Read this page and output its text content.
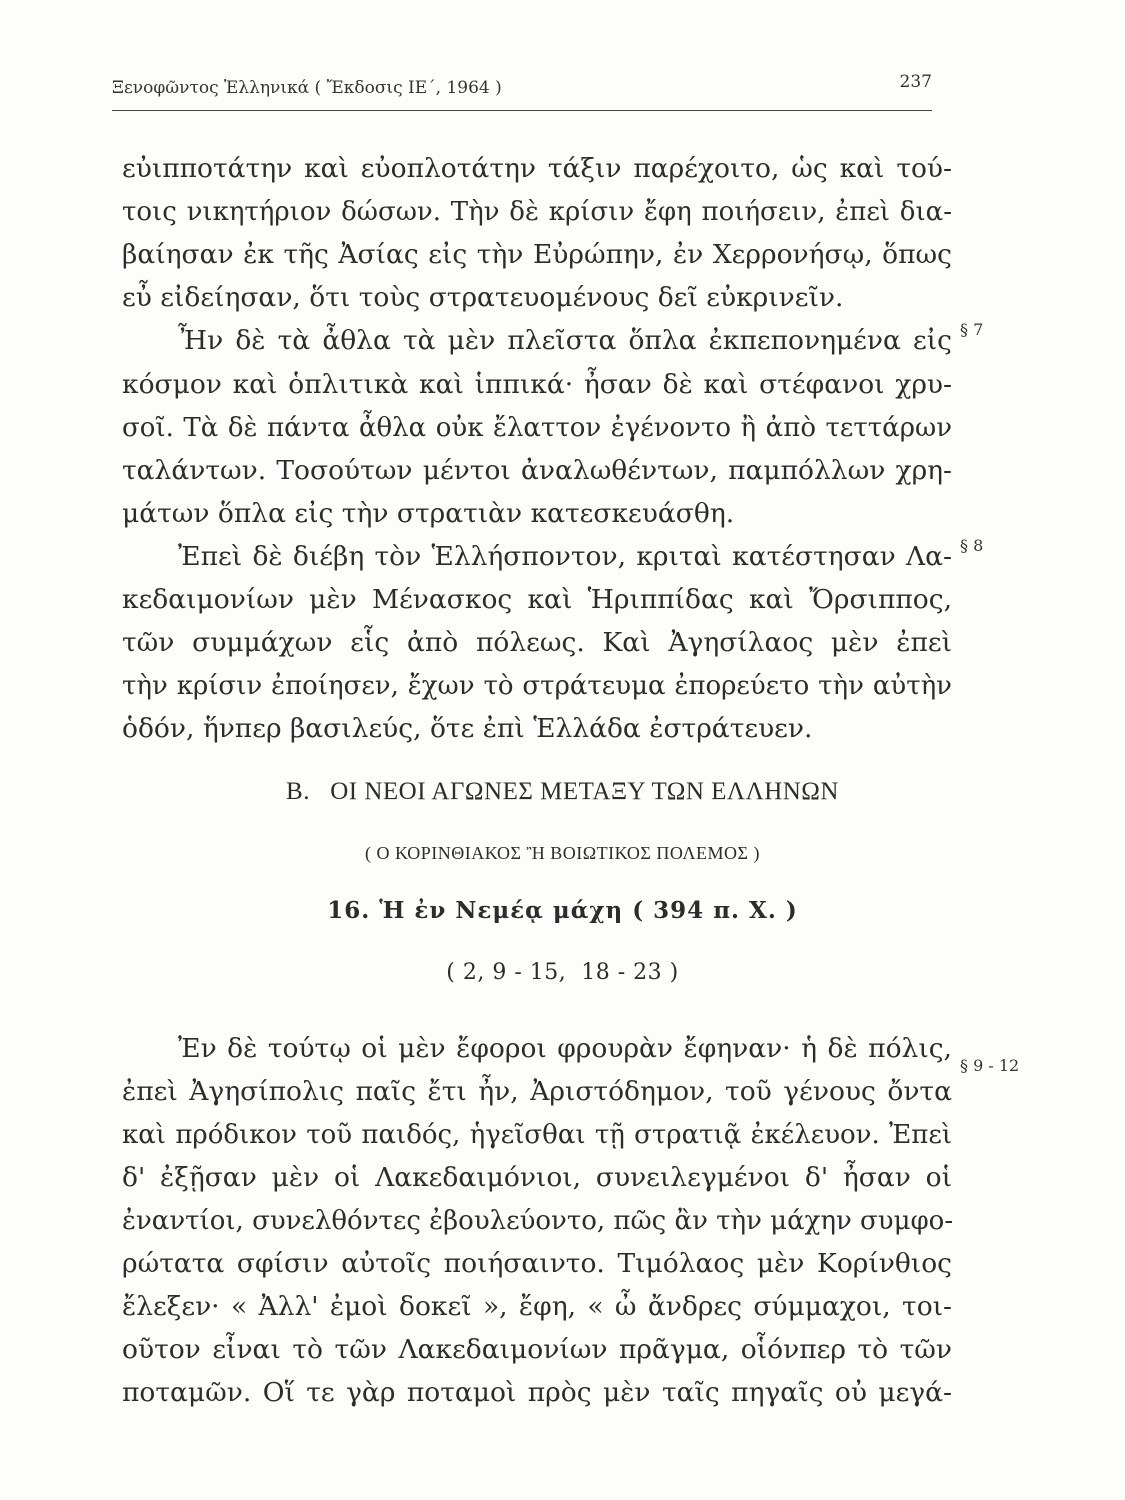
Ξενοφῶντος Ἑλληνικά ( Ἔκδοσις ΙΕ΄, 1964 )	237
εὐιπποτάτην καὶ εὐοπλοτάτην τάξιν παρέχοιτο, ὡς καὶ τού-
τοις νικητήριον δώσων. Τὴν δὲ κρίσιν ἔφη ποιήσειν, ἐπεὶ δια-
βαίησαν ἐκ τῆς Ἀσίας εἰς τὴν Εὐρώπην, ἐν Χερρονήσῳ, ὅπως
εὖ εἰδείησαν, ὅτι τοὺς στρατευομένους δεῖ εὐκρινεῖν.
Ἦν δὲ τὰ ἆθλα τὰ μὲν πλεῖστα ὅπλα ἐκπεπονημένα εἰς
κόσμον καὶ ὁπλιτικὰ καὶ ἱππικά· ἦσαν δὲ καὶ στέφανοι χρυ-
σοῖ. Τὰ δὲ πάντα ἆθλα οὐκ ἔλαττον ἐγένοντο ἢ ἀπὸ τεττάρων
ταλάντων. Τοσούτων μέντοι ἀναλωθέντων, παμπόλλων χρη-
μάτων ὅπλα εἰς τὴν στρατιὰν κατεσκευάσθη.
Ἐπεὶ δὲ διέβη τὸν Ἑλλήσποντον, κριταὶ κατέστησαν Λα-
κεδαιμονίων μὲν Μένασκος καὶ Ἡριππίδας καὶ Ὄρσιππος,
τῶν συμμάχων εἷς ἀπὸ πόλεως. Καὶ Ἀγησίλαος μὲν ἐπεὶ
τὴν κρίσιν ἐποίησεν, ἔχων τὸ στράτευμα ἐπορεύετο τὴν αὐτὴν
ὁδόν, ἥνπερ βασιλεύς, ὅτε ἐπὶ Ἑλλάδα ἐστράτευεν.
§ 7
§ 8
§ 9 - 12
Β.   ΟΙ ΝΕΟΙ ΑΓΩΝΕΣ ΜΕΤΑΞΥ ΤΩΝ ΕΛΛΗΝΩΝ
( Ο ΚΟΡΙΝΘΙΑΚΟΣ Ἢ ΒΟΙΩΤΙΚΟΣ ΠΟΛΕΜΟΣ )
16. Ἡ ἐν Νεμέᾳ μάχη ( 394 π. Χ. )
( 2, 9 - 15,  18 - 23 )
Ἐν δὲ τούτῳ οἱ μὲν ἔφοροι φρουρὰν ἔφηναν· ἡ δὲ πόλις,
ἐπεὶ Ἀγησίπολις παῖς ἔτι ἦν, Ἀριστόδημον, τοῦ γένους ὄντα
καὶ πρόδικον τοῦ παιδός, ἡγεῖσθαι τῇ στρατιᾷ ἐκέλευον. Ἐπεὶ
δ' ἐξῇσαν μὲν οἱ Λακεδαιμόνιοι, συνειλεγμένοι δ' ἦσαν οἱ
ἐναντίοι, συνελθόντες ἐβουλεύοντο, πῶς ἂν τὴν μάχην συμφο-
ρώτατα σφίσιν αὐτοῖς ποιήσαιντο. Τιμόλαος μὲν Κορίνθιος
ἔλεξεν· « Ἀλλ' ἐμοὶ δοκεῖ », ἔφη, « ὦ ἄνδρες σύμμαχοι, τοι-
οῦτον εἶναι τὸ τῶν Λακεδαιμονίων πρᾶγμα, οἷόνπερ τὸ τῶν
ποταμῶν. Οἵ τε γὰρ ποταμοὶ πρὸς μὲν ταῖς πηγαῖς οὐ μεγά-
